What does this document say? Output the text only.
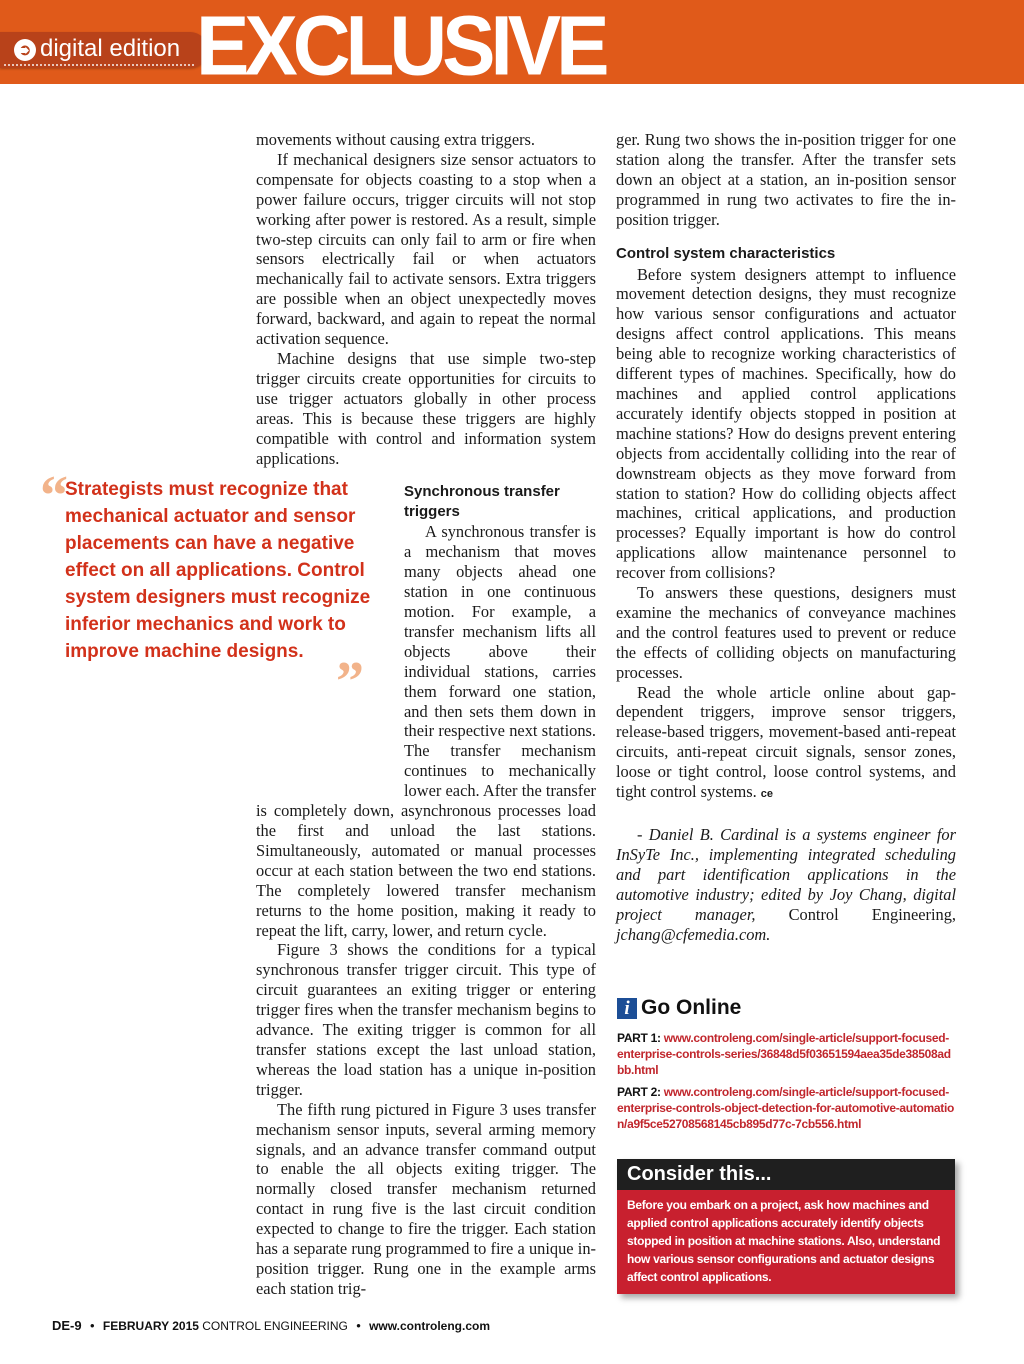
➲ digital edition EXCLUSIVE
“
Strategists must recognize that mechanical actuator and sensor placements can have a negative effect on all applications. Control system designers must recognize inferior mechanics and work to improve machine designs. ”

movements without causing extra triggers.

If mechanical designers size sensor actuators to compensate for objects coasting to a stop when a power failure occurs, trigger circuits will not stop working after power is restored. As a result, simple two-step circuits can only fail to arm or fire when sensors electrically fail or when actuators mechanically fail to activate sensors. Extra triggers are possible when an object unexpectedly moves forward, backward, and again to repeat the normal activation sequence.

Machine designs that use simple two-step trigger circuits create opportunities for circuits to use trigger actuators globally in other process areas. This is because these triggers are highly compatible with control and information system applications.

Synchronous transfer triggers

A synchronous transfer is a mechanism that moves many objects ahead one station in one continuous motion. For example, a transfer mechanism lifts all objects above their individual stations, carries them forward one station, and then sets them down in their respective next stations. The transfer mechanism continues to mechanically lower each. After the transfer is completely down, asynchronous processes load the first and unload the last stations. Simultaneously, automated or manual processes occur at each station between the two end stations. The completely lowered transfer mechanism returns to the home position, making it ready to repeat the lift, carry, lower, and return cycle.

Figure 3 shows the conditions for a typical synchronous transfer trigger circuit. This type of circuit guarantees an exiting trigger or entering trigger fires when the transfer mechanism begins to advance. The exiting trigger is common for all transfer stations except the last unload station, whereas the load station has a unique in-position trigger.

The fifth rung pictured in Figure 3 uses transfer mechanism sensor inputs, several arming memory signals, and an advance transfer command output to enable the all objects exiting trigger. The normally closed transfer mechanism returned contact in rung five is the last circuit condition expected to change to fire the trigger. Each station has a separate rung programmed to fire a unique in-position trigger. Rung one in the example arms each station trig-

ger. Rung two shows the in-position trigger for one station along the transfer. After the transfer sets down an object at a station, an in-position sensor programmed in rung two activates to fire the in-position trigger.

Control system characteristics

Before system designers attempt to influence movement detection designs, they must recognize how various sensor configurations and actuator designs affect control applications. This means being able to recognize working characteristics of different types of machines. Specifically, how do machines and applied control applications accurately identify objects stopped in position at machine stations? How do designs prevent entering objects from accidentally colliding into the rear of downstream objects as they move forward from station to station? How do colliding objects affect machines, critical applications, and production processes? Equally important is how do control applications allow maintenance personnel to recover from collisions?

To answers these questions, designers must examine the mechanics of conveyance machines and the control features used to prevent or reduce the effects of colliding objects on manufacturing processes.

Read the whole article online about gap-dependent triggers, improve sensor triggers, release-based triggers, movement-based anti-repeat circuits, anti-repeat circuit signals, sensor zones, loose or tight control, loose control systems, and tight control systems. ce

- Daniel B. Cardinal is a systems engineer for InSyTe Inc., implementing integrated scheduling and part identification applications in the automotive industry; edited by Joy Chang, digital project manager, Control Engineering, jchang@cfemedia.com.

i Go Online
PART 1: www.controleng.com/single-article/support-focused-enterprise-controls-series/36848d5f03651594aea35de38508adbb.html
PART 2: www.controleng.com/single-article/support-focused-enterprise-controls-object-detection-for-automotive-automation/a9f5ce52708568145cb895d77c-7cb556.html
Consider this...
Before you embark on a project, ask how machines and applied control applications accurately identify objects stopped in position at machine stations. Also, understand how various sensor configurations and actuator designs affect control applications.
DE-9 • FEBRUARY 2015 CONTROL ENGINEERING • www.controleng.com
